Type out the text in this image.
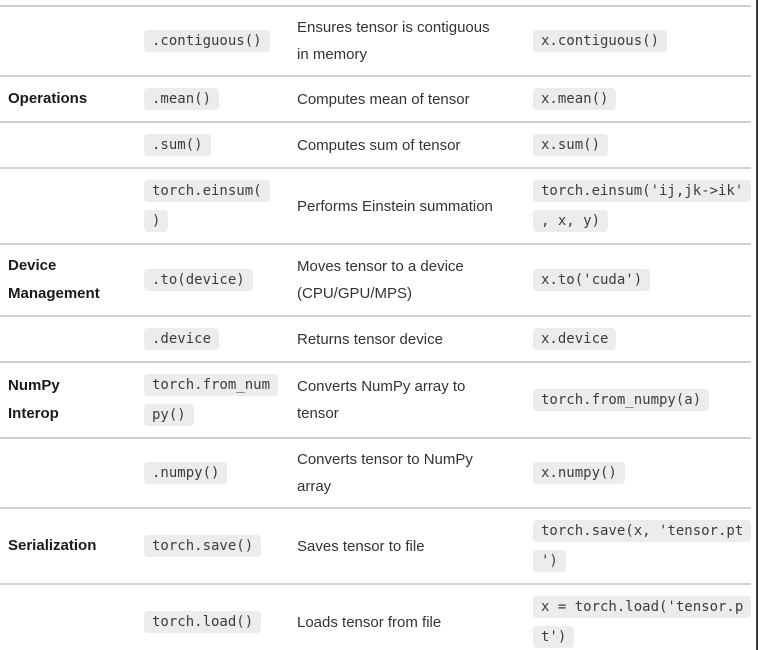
	.contiguous()	Ensures tensor is contiguous in memory	x.contiguous()
Operations	.mean()	Computes mean of tensor	x.mean()
	.sum()	Computes sum of tensor	x.sum()
	torch.einsum()	Performs Einstein summation	torch.einsum('ij,jk->ik', x, y)
Device Management	.to(device)	Moves tensor to a device (CPU/GPU/MPS)	x.to('cuda')
	.device	Returns tensor device	x.device
NumPy Interop	torch.from_numpy()	Converts NumPy array to tensor	torch.from_numpy(a)
	.numpy()	Converts tensor to NumPy array	x.numpy()
Serialization	torch.save()	Saves tensor to file	torch.save(x, 'tensor.pt')
	torch.load()	Loads tensor from file	x = torch.load('tensor.pt')
